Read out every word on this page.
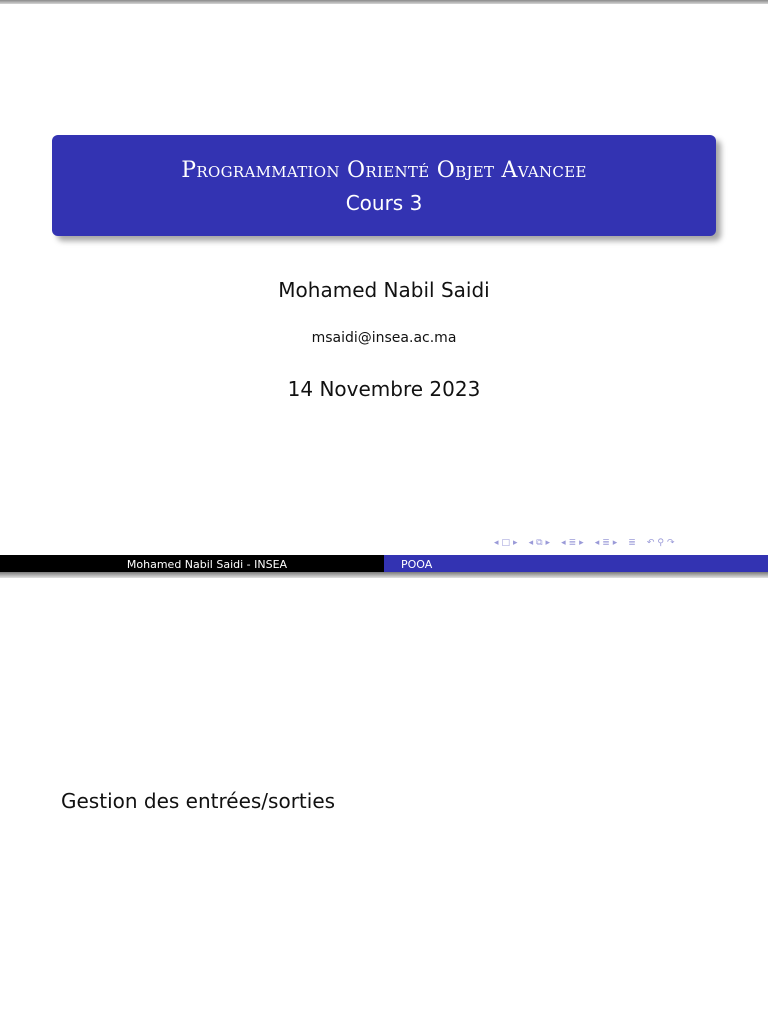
Programmation Orienté Objet Avancee
Cours 3
Mohamed Nabil Saidi
msaidi@insea.ac.ma
14 Novembre 2023
◂ □ ▸ ◂ ⧉ ▸ ◂ ≣ ▸ ◂ ≣ ▸ ≣ ↶ ⚲ ↷
Mohamed Nabil Saidi - INSEA	POOA
Gestion des entrées/sorties
